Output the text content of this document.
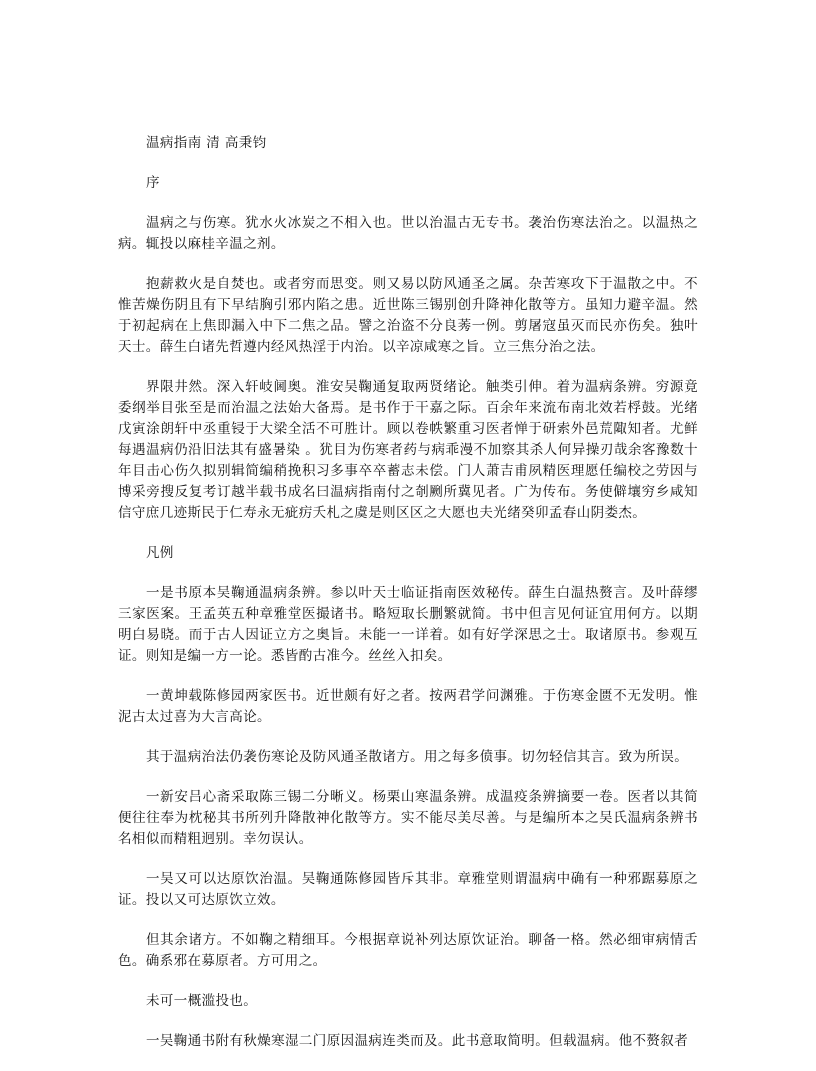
温病指南 清 高秉钧

序

温病之与伤寒。犹水火冰炭之不相入也。世以治温古无专书。袭治伤寒法治之。以温热之病。辄投以麻桂辛温之剂。

抱薪救火是自焚也。或者穷而思变。则又易以防风通圣之属。杂苦寒攻下于温散之中。不惟苦燥伤阴且有下早结胸引邪内陷之患。近世陈三锡别创升降神化散等方。虽知力避辛温。然于初起病在上焦即漏入中下二焦之品。譬之治盗不分良莠一例。剪屠寇虽灭而民亦伤矣。独叶天士。薛生白诸先哲遵内经风热淫于内治。以辛凉咸寒之旨。立三焦分治之法。

界限井然。深入轩岐阃奥。淮安吴鞠通复取两贤绪论。触类引伸。着为温病条辨。穷源竟委纲举目张至是而治温之法始大备焉。是书作于干嘉之际。百余年来流布南北效若桴鼓。光绪戊寅涂朗轩中丞重锓于大梁全活不可胜计。顾以卷帙繁重习医者惮于研索外邑荒陬知者。尤鲜每遇温病仍沿旧法其有盛暑染 。犹目为伤寒者药与病乖漫不加察其杀人何异操刃哉余客豫数十年目击心伤久拟别辑简编稍挽积习多事卒卒蓄志未偿。门人萧吉甫夙精医理愿任编校之劳因与博采旁搜反复考订越半载书成名曰温病指南付之剞劂所冀见者。广为传布。务使僻壤穷乡咸知信守庶几迹斯民于仁寿永无疵疠夭札之虞是则区区之大愿也夫光绪癸卯孟春山阴娄杰。

凡例

一是书原本吴鞠通温病条辨。参以叶天士临证指南医效秘传。薛生白温热赘言。及叶薛缪三家医案。王孟英五种章雅堂医撮诸书。略短取长删繁就简。书中但言见何证宜用何方。以期明白易晓。而于古人因证立方之奥旨。未能一一详着。如有好学深思之士。取诸原书。参观互证。则知是编一方一论。悉皆酌古准今。丝丝入扣矣。

一黄坤载陈修园两家医书。近世颇有好之者。按两君学问渊雅。于伤寒金匮不无发明。惟泥古太过喜为大言高论。

其于温病治法仍袭伤寒论及防风通圣散诸方。用之每多偾事。切勿轻信其言。致为所误。

一新安吕心斋采取陈三锡二分晰义。杨栗山寒温条辨。成温疫条辨摘要一卷。医者以其简便往往奉为枕秘其书所列升降散神化散等方。实不能尽美尽善。与是编所本之吴氏温病条辨书名相似而精粗迥别。幸勿误认。

一吴又可以达原饮治温。吴鞠通陈修园皆斥其非。章雅堂则谓温病中确有一种邪踞募原之证。投以又可达原饮立效。

但其余诸方。不如鞠之精细耳。今根据章说补列达原饮证治。聊备一格。然必细审病情舌色。确系邪在募原者。方可用之。

未可一概滥投也。

一吴鞠通书附有秋燥寒湿二门原因温病连类而及。此书意取简明。但载温病。他不赘叙者
